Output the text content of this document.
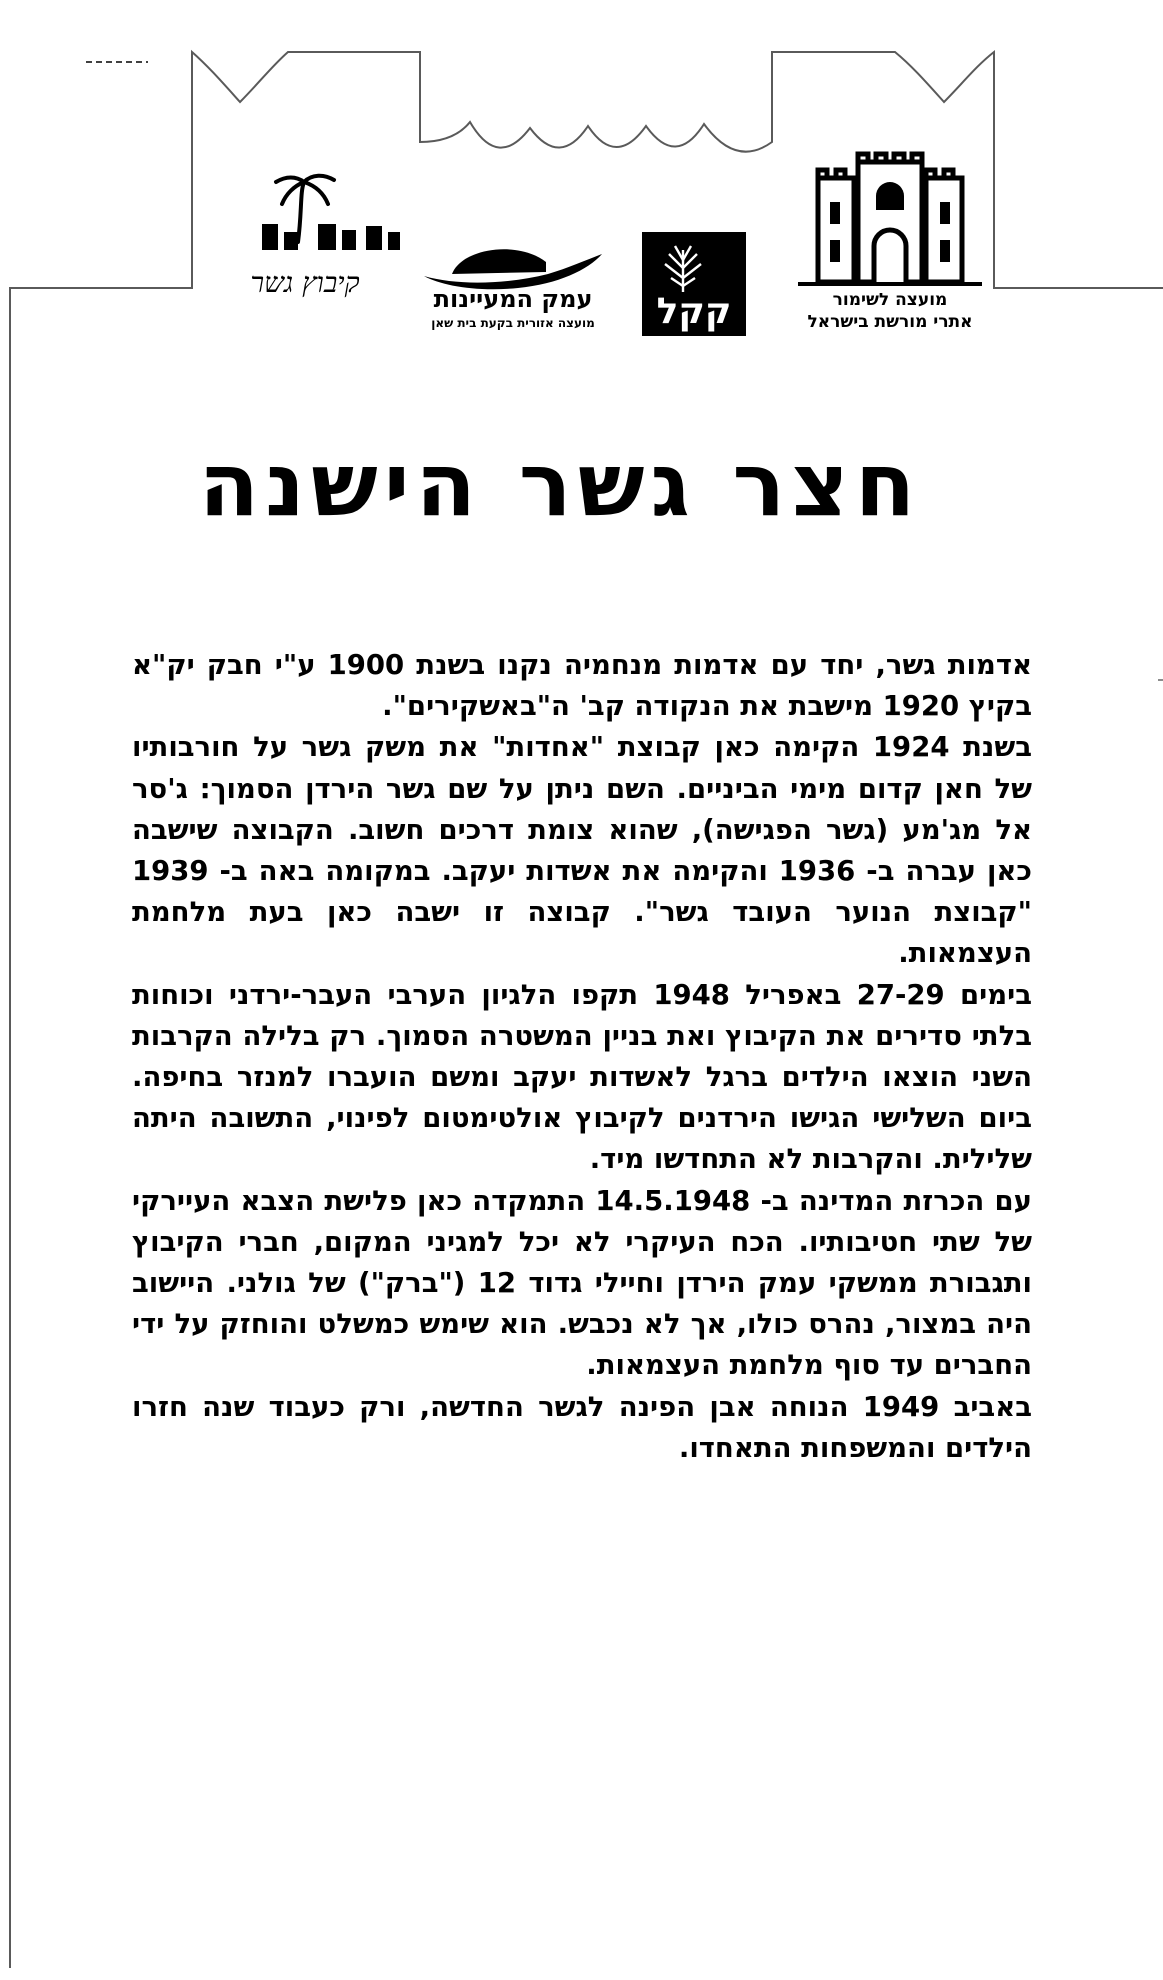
מועצה לשימור
אתרי מורשת בישראל
קקל
עמק המעיינות
מועצה אזורית בקעת בית שאן
קיבוץ גשר
חצר גשר הישנה

אדמות גשר, יחד עם אדמות מנחמיה נקנו בשנת 1900 ע"י חבק יק"א בקיץ 1920 מישבת את הנקודה קב' ה"באשקירים".

בשנת 1924 הקימה כאן קבוצת "אחדות" את משק גשר על חורבותיו של חאן קדום מימי הביניים. השם ניתן על שם גשר הירדן הסמוך: ג'סר אל מג'מע (גשר הפגישה), שהוא צומת דרכים חשוב. הקבוצה שישבה כאן עברה ב- 1936 והקימה את אשדות יעקב. במקומה באה ב- 1939 "קבוצת הנוער העובד גשר". קבוצה זו ישבה כאן בעת מלחמת העצמאות.

בימים 27-29 באפריל 1948 תקפו הלגיון הערבי העבר-ירדני וכוחות בלתי סדירים את הקיבוץ ואת בניין המשטרה הסמוך. רק בלילה הקרבות השני הוצאו הילדים ברגל לאשדות יעקב ומשם הועברו למנזר בחיפה. ביום השלישי הגישו הירדנים לקיבוץ אולטימטום לפינוי, התשובה היתה שלילית. והקרבות לא התחדשו מיד.

עם הכרזת המדינה ב- 14.5.1948 התמקדה כאן פלישת הצבא העיירקי של שתי חטיבותיו. הכח העיקרי לא יכל למגיני המקום, חברי הקיבוץ ותגבורת ממשקי עמק הירדן וחיילי גדוד 12 ("ברק") של גולני. היישוב היה במצור, נהרס כולו, אך לא נכבש. הוא שימש כמשלט והוחזק על ידי החברים עד סוף מלחמת העצמאות.

באביב 1949 הנוחה אבן הפינה לגשר החדשה, ורק כעבוד שנה חזרו הילדים והמשפחות התאחדו.
